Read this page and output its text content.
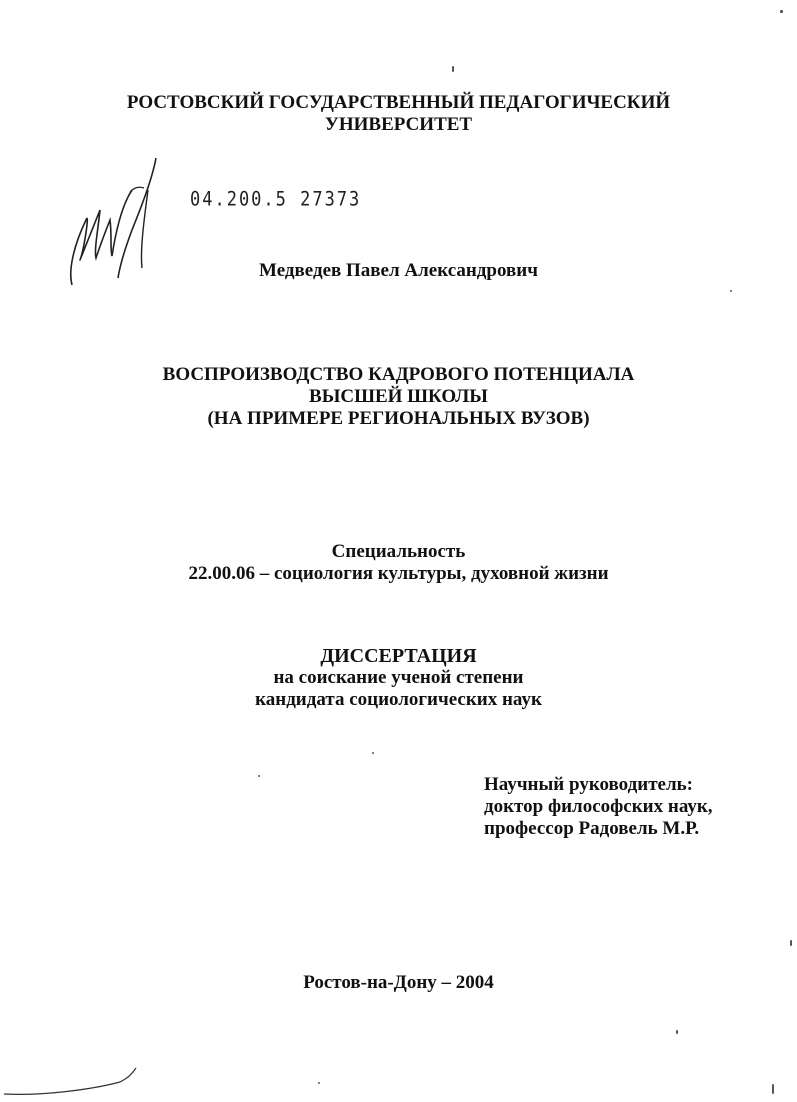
РОСТОВСКИЙ ГОСУДАРСТВЕННЫЙ ПЕДАГОГИЧЕСКИЙ
УНИВЕРСИТЕТ
04.200.5 27373
Медведев Павел Александрович
ВОСПРОИЗВОДСТВО КАДРОВОГО ПОТЕНЦИАЛА
ВЫСШЕЙ ШКОЛЫ
(НА ПРИМЕРЕ РЕГИОНАЛЬНЫХ ВУЗОВ)
Специальность
22.00.06 – социология культуры, духовной жизни
ДИССЕРТАЦИЯ
на соискание ученой степени
кандидата социологических наук
Научный руководитель:
доктор философских наук,
профессор Радовель М.Р.
Ростов-на-Дону – 2004
